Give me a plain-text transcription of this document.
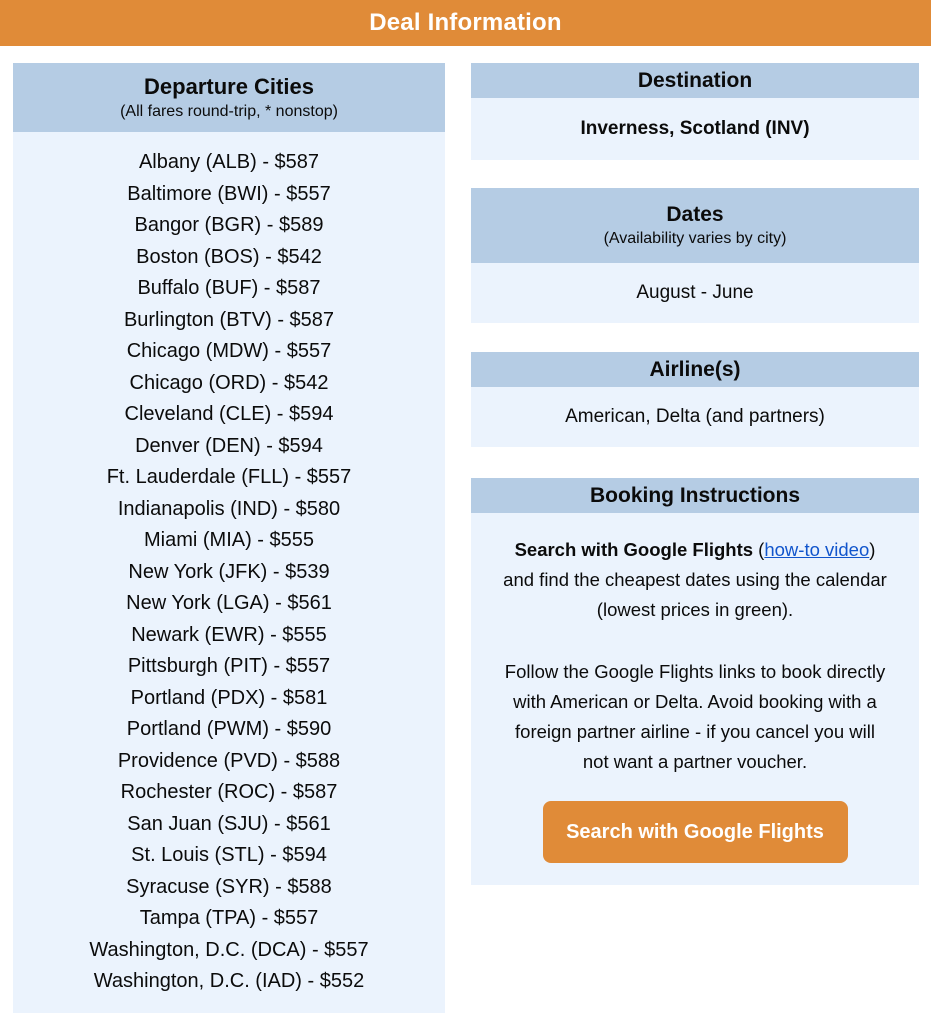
Deal Information
Departure Cities
(All fares round-trip, * nonstop)
Albany (ALB) - $587
Baltimore (BWI) - $557
Bangor (BGR) - $589
Boston (BOS) - $542
Buffalo (BUF) - $587
Burlington (BTV) - $587
Chicago (MDW) - $557
Chicago (ORD) - $542
Cleveland (CLE) - $594
Denver (DEN) - $594
Ft. Lauderdale (FLL) - $557
Indianapolis (IND) - $580
Miami (MIA) - $555
New York (JFK) - $539
New York (LGA) - $561
Newark (EWR) - $555
Pittsburgh (PIT) - $557
Portland (PDX) - $581
Portland (PWM) - $590
Providence (PVD) - $588
Rochester (ROC) - $587
San Juan (SJU) - $561
St. Louis (STL) - $594
Syracuse (SYR) - $588
Tampa (TPA) - $557
Washington, D.C. (DCA) - $557
Washington, D.C. (IAD) - $552
Destination
Inverness, Scotland (INV)
Dates
(Availability varies by city)
August - June
Airline(s)
American, Delta (and partners)
Booking Instructions

Search with Google Flights (how-to video) and find the cheapest dates using the calendar (lowest prices in green).

Follow the Google Flights links to book directly with American or Delta. Avoid booking with a foreign partner airline - if you cancel you will not want a partner voucher.

Search with Google Flights
